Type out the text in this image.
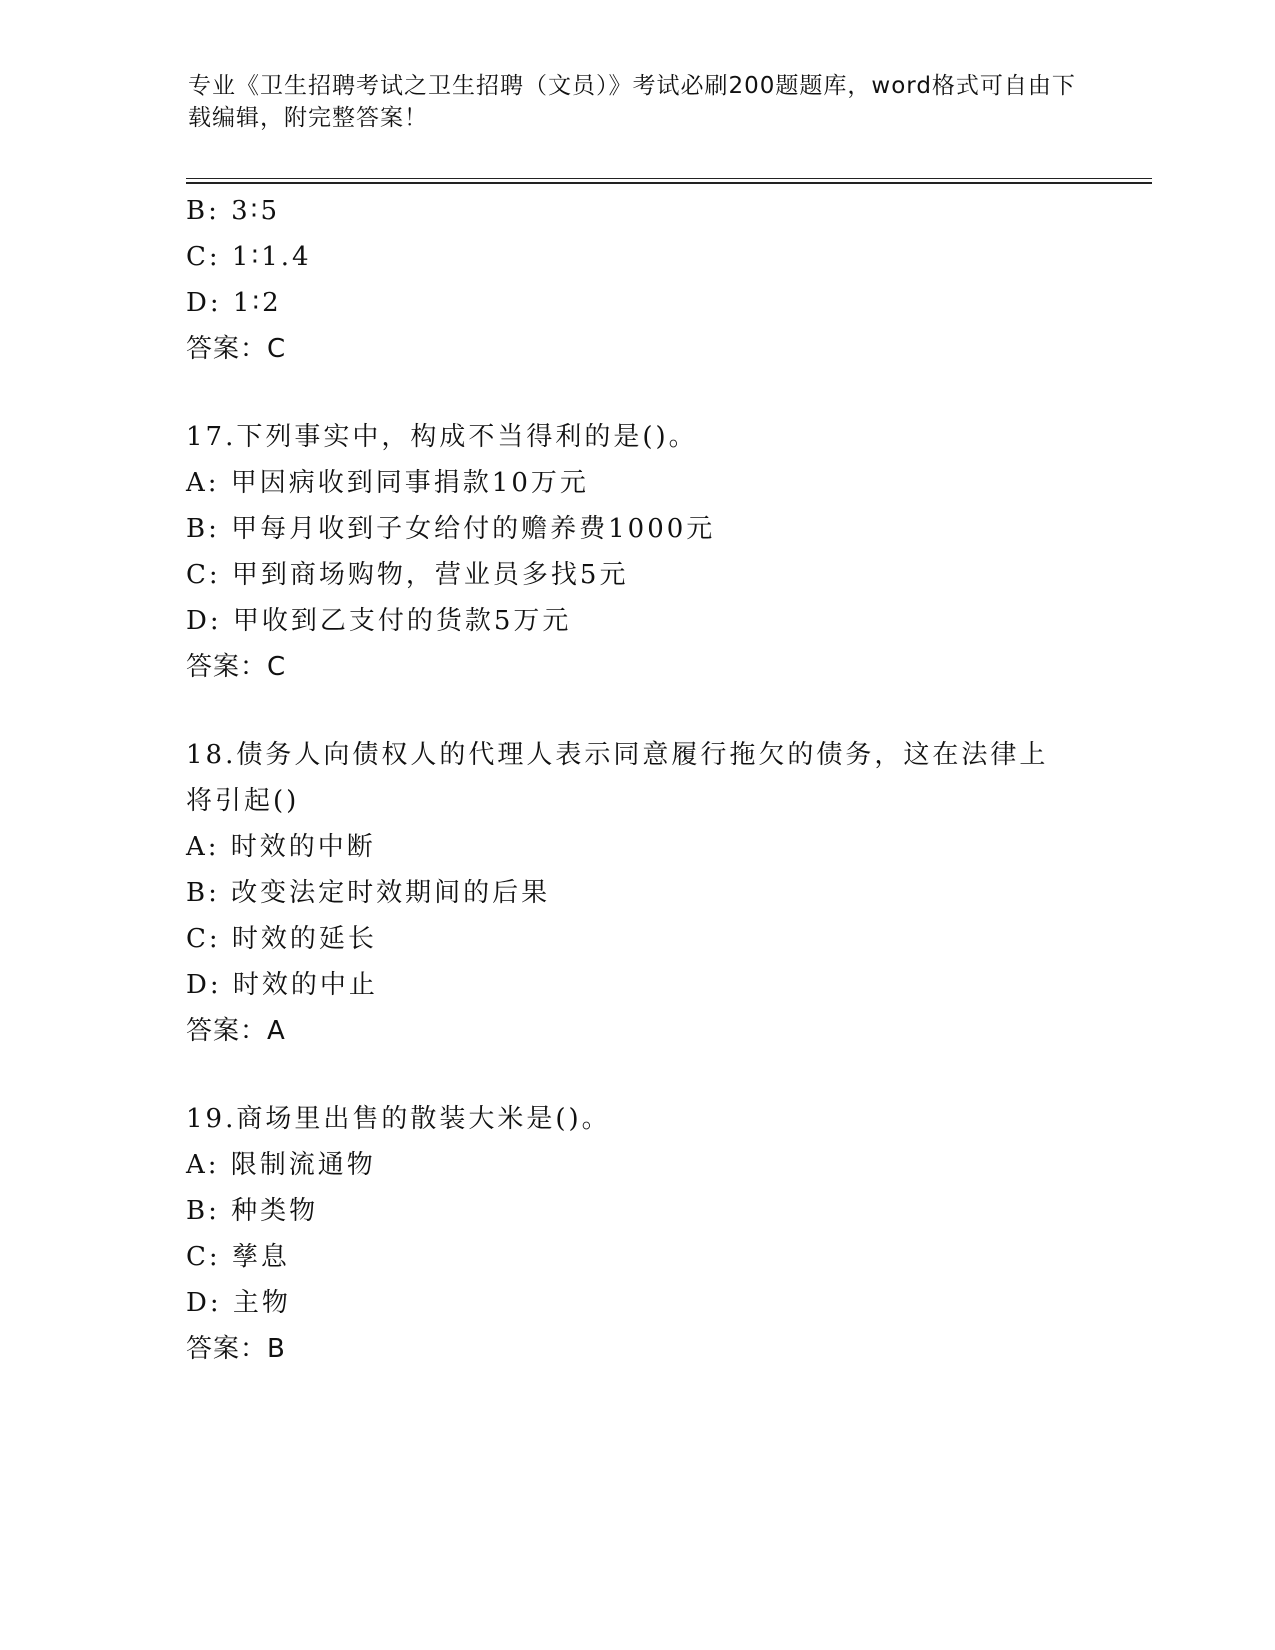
专业《卫生招聘考试之卫生招聘（文员）》考试必刷200题题库，word格式可自由下载编辑，附完整答案！
B: 3∶5
C: 1∶1.4
D: 1∶2
答案：C
17.下列事实中，构成不当得利的是()。
A: 甲因病收到同事捐款10万元
B: 甲每月收到子女给付的赡养费1000元
C: 甲到商场购物，营业员多找5元
D: 甲收到乙支付的货款5万元
答案：C
18.债务人向债权人的代理人表示同意履行拖欠的债务，这在法律上将引起()
A: 时效的中断
B: 改变法定时效期间的后果
C: 时效的延长
D: 时效的中止
答案：A
19.商场里出售的散装大米是()。
A: 限制流通物
B: 种类物
C: 孳息
D: 主物
答案：B
